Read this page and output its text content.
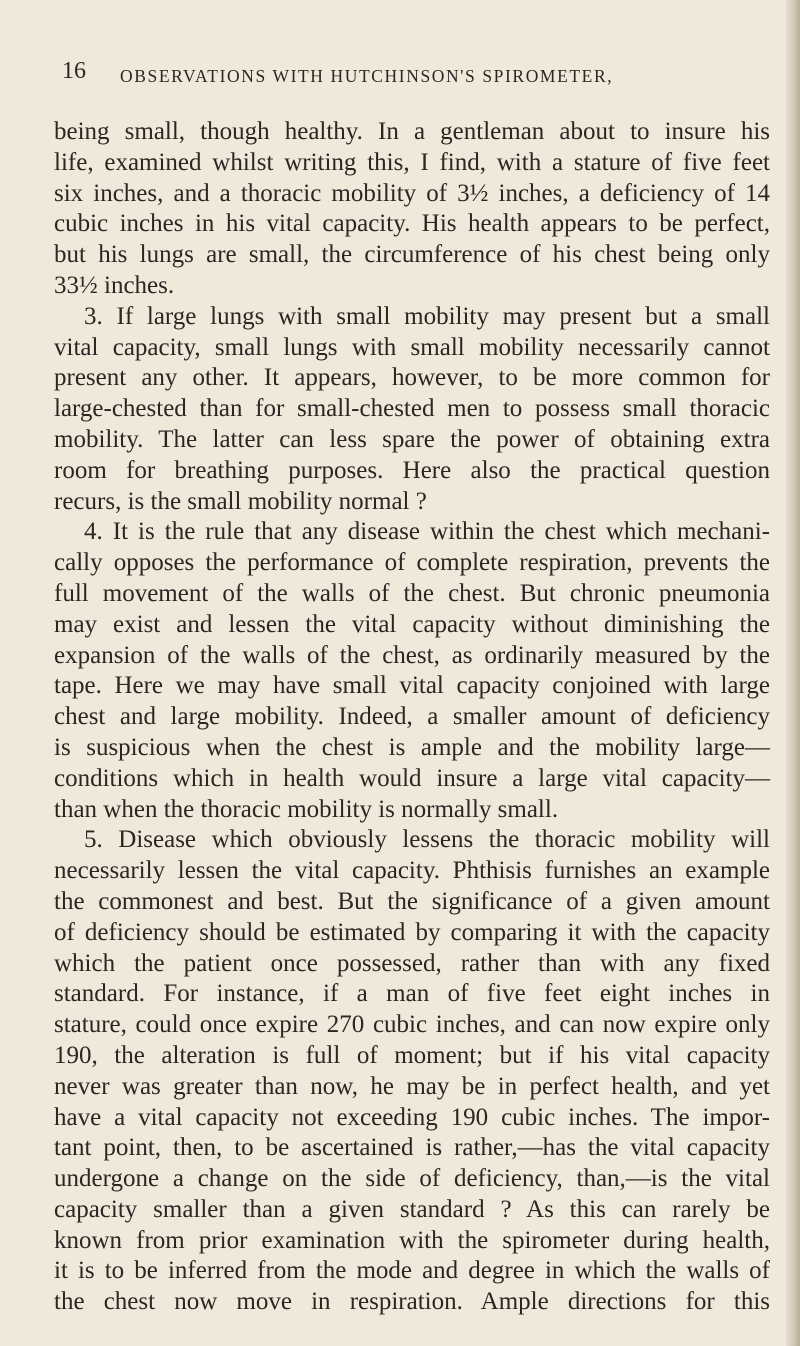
16 OBSERVATIONS WITH HUTCHINSON'S SPIROMETER,
being small, though healthy. In a gentleman about to insure his
life, examined whilst writing this, I find, with a stature of five feet
six inches, and a thoracic mobility of 3½ inches, a deficiency of 14
cubic inches in his vital capacity. His health appears to be perfect,
but his lungs are small, the circumference of his chest being only
33½ inches.
3. If large lungs with small mobility may present but a small
vital capacity, small lungs with small mobility necessarily cannot
present any other. It appears, however, to be more common for
large-chested than for small-chested men to possess small thoracic
mobility. The latter can less spare the power of obtaining extra
room for breathing purposes. Here also the practical question
recurs, is the small mobility normal ?
4. It is the rule that any disease within the chest which mechani-
cally opposes the performance of complete respiration, prevents the
full movement of the walls of the chest. But chronic pneumonia
may exist and lessen the vital capacity without diminishing the
expansion of the walls of the chest, as ordinarily measured by the
tape. Here we may have small vital capacity conjoined with large
chest and large mobility. Indeed, a smaller amount of deficiency
is suspicious when the chest is ample and the mobility large—
conditions which in health would insure a large vital capacity—
than when the thoracic mobility is normally small.
5. Disease which obviously lessens the thoracic mobility will
necessarily lessen the vital capacity. Phthisis furnishes an example
the commonest and best. But the significance of a given amount
of deficiency should be estimated by comparing it with the capacity
which the patient once possessed, rather than with any fixed
standard. For instance, if a man of five feet eight inches in
stature, could once expire 270 cubic inches, and can now expire only
190, the alteration is full of moment; but if his vital capacity
never was greater than now, he may be in perfect health, and yet
have a vital capacity not exceeding 190 cubic inches. The impor-
tant point, then, to be ascertained is rather,—has the vital capacity
undergone a change on the side of deficiency, than,—is the vital
capacity smaller than a given standard ? As this can rarely be
known from prior examination with the spirometer during health,
it is to be inferred from the mode and degree in which the walls of
the chest now move in respiration. Ample directions for this
